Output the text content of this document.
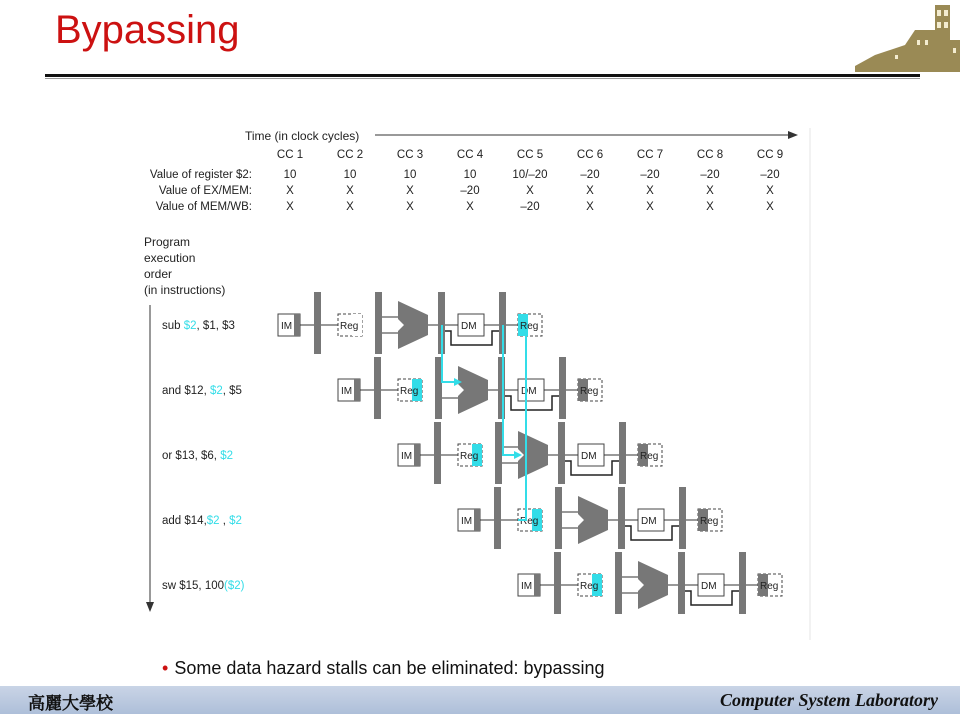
Bypassing
Time (in clock cycles)
CC 1	CC 2	CC 3	CC 4	CC 5	CC 6	CC 7	CC 8	CC 9
Value of register $2:	10	10	10	10	10/–20	–20	–20	–20	–20
Value of EX/MEM:	X	X	X	–20	X	X	X	X	X
Value of MEM/WB:	X	X	X	X	–20	X	X	X	X
Program
execution
order
(in instructions)
sub $2, $1, $3
and $12, $2, $5
or $13, $6, $2
add $14,$2 , $2
sw $15, 100($2)
IM	Reg	DM	Reg
IM	Reg	DM	Reg
IM	Reg	DM	Reg
IM	Reg	DM	Reg
IM	Reg	DM	Reg
• Some data hazard stalls can be eliminated: bypassing
高麗大學校	Computer System Laboratory
